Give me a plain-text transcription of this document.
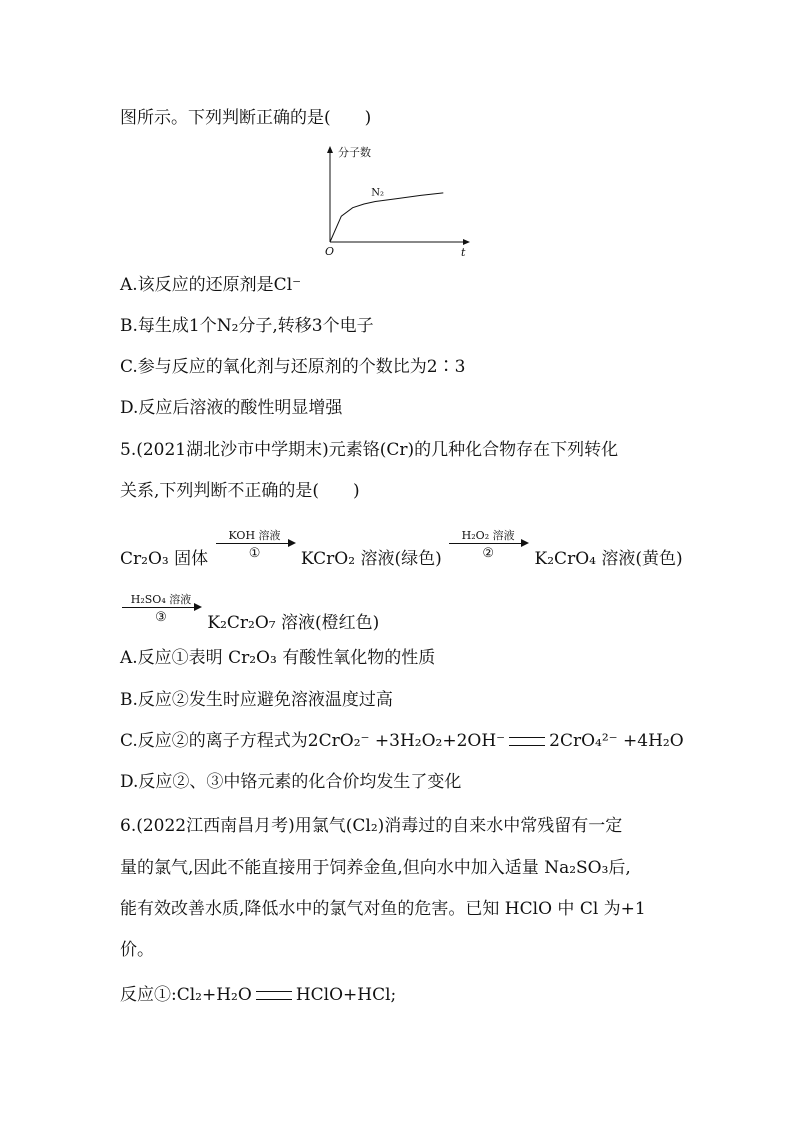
图所示。下列判断正确的是(　　)
分子数
t
O
N₂
A.该反应的还原剂是Cl⁻
B.每生成1个N₂分子,转移3个电子
C.参与反应的氧化剂与还原剂的个数比为2∶3
D.反应后溶液的酸性明显增强
5.(2021湖北沙市中学期末)元素铬(Cr)的几种化合物存在下列转化
关系,下列判断不正确的是(　　)
Cr₂O₃ 固体
KOH 溶液
①	KCrO₂ 溶液(绿色)
H₂O₂ 溶液
②	K₂CrO₄ 溶液(黄色)
H₂SO₄ 溶液
③	K₂Cr₂O₇ 溶液(橙红色)
A.反应①表明 Cr₂O₃ 有酸性氧化物的性质
B.反应②发生时应避免溶液温度过高
C.反应②的离子方程式为2CrO₂⁻ +3H₂O₂+2OH⁻	2CrO₄²⁻ +4H₂O
D.反应②、③中铬元素的化合价均发生了变化
6.(2022江西南昌月考)用氯气(Cl₂)消毒过的自来水中常残留有一定
量的氯气,因此不能直接用于饲养金鱼,但向水中加入适量 Na₂SO₃后,
能有效改善水质,降低水中的氯气对鱼的危害。已知 HClO 中 Cl 为+1
价。
反应①:Cl₂+H₂O	HClO+HCl;
